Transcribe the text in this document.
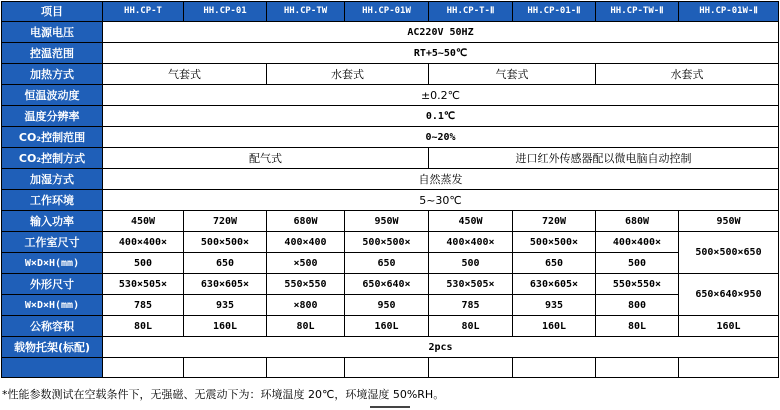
项目	HH.CP-T	HH.CP-01	HH.CP-TW	HH.CP-01W	HH.CP-T-Ⅱ	HH.CP-01-Ⅱ	HH.CP-TW-Ⅱ	HH.CP-01W-Ⅱ
电源电压	AC220V 50HZ							
控温范围	RT+5~50℃							
加热方式	气套式		水套式		气套式		水套式	
恒温波动度	±0.2℃							
温度分辨率	0.1℃							
CO₂控制范围	0~20%							
CO₂控制方式	配气式				进口红外传感器配以微电脑自动控制			
加湿方式	自然蒸发							
工作环境	5~30℃							
输入功率	450W	720W	680W	950W	450W	720W	680W	950W
工作室尺寸	400×400×	500×500×	400×400	500×500×	400×400×	500×500×	400×400×	500×500×650
W×D×H(mm)	500	650	×500	650	500	650	500	
外形尺寸	530×505×	630×605×	550×550	650×640×	530×505×	630×605×	550×550×	650×640×950
W×D×H(mm)	785	935	×800	950	785	935	800	
公称容积	80L	160L	80L	160L	80L	160L	80L	160L
载物托架(标配)	2pcs							

*性能参数测试在空载条件下，无强磁、无震动下为：环境温度 20℃，环境湿度 50%RH。
